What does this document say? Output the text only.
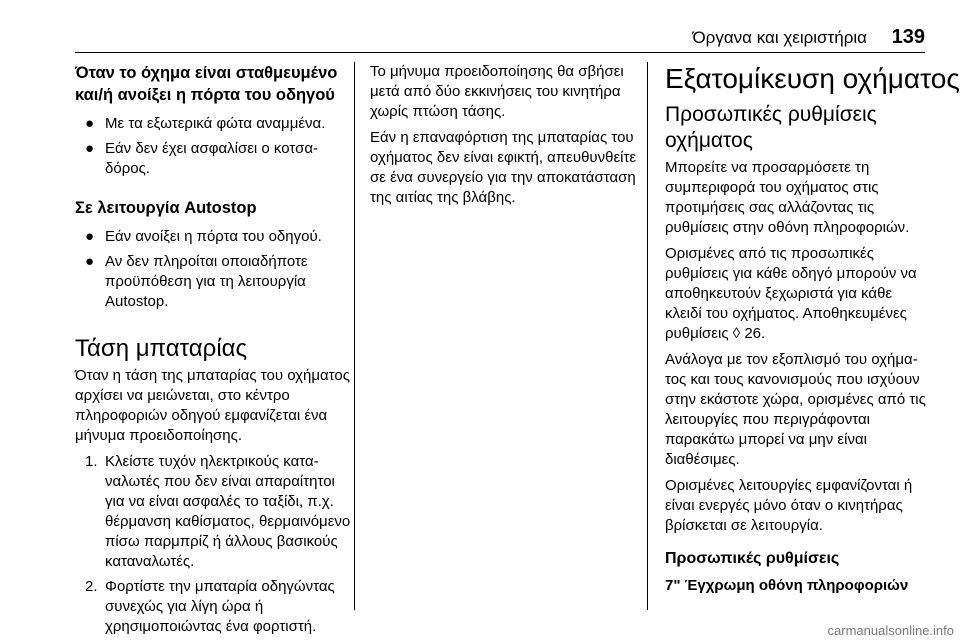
Όργανα και χειριστήρια 139
Όταν το όχημα είναι σταθμευμένο και/ή ανοίξει η πόρτα του οδηγού
● Με τα εξωτερικά φώτα αναμμένα.
● Εάν δεν έχει ασφαλίσει ο κοτσαδόρος.
Σε λειτουργία Autostop
● Εάν ανοίξει η πόρτα του οδηγού.
● Αν δεν πληροίται οποιαδήποτε προϋπόθεση για τη λειτουργία Autostop.
Τάση μπαταρίας

Όταν η τάση της μπαταρίας του οχήματος αρχίσει να μειώνεται, στο κέντρο πληροφοριών οδηγού εμφανίζεται ένα μήνυμα προειδοποίησης.

1. Κλείστε τυχόν ηλεκτρικούς καταναλωτές που δεν είναι απαραίτητοι για να είναι ασφαλές το ταξίδι, π.χ. θέρμανση καθίσματος, θερμαινόμενο πίσω παρμπρίζ ή άλλους βασικούς καταναλωτές.
2. Φορτίστε την μπαταρία οδηγώντας συνεχώς για λίγη ώρα ή χρησιμοποιώντας ένα φορτιστή.

Το μήνυμα προειδοποίησης θα σβήσει μετά από δύο εκκινήσεις του κινητήρα χωρίς πτώση τάσης.

Εάν η επαναφόρτιση της μπαταρίας του οχήματος δεν είναι εφικτή, απευθυνθείτε σε ένα συνεργείο για την αποκατάσταση της αιτίας της βλάβης.

Εξατομίκευση οχήματος
Προσωπικές ρυθμίσεις οχήματος

Μπορείτε να προσαρμόσετε τη συμπεριφορά του οχήματος στις προτιμήσεις σας αλλάζοντας τις ρυθμίσεις στην οθόνη πληροφοριών.

Ορισμένες από τις προσωπικές ρυθμίσεις για κάθε οδηγό μπορούν να αποθηκευτούν ξεχωριστά για κάθε κλειδί του οχήματος. Αποθηκευμένες ρυθμίσεις ◊ 26.

Ανάλογα με τον εξοπλισμό του οχήματος και τους κανονισμούς που ισχύουν στην εκάστοτε χώρα, ορισμένες από τις λειτουργίες που περιγράφονται παρακάτω μπορεί να μην είναι διαθέσιμες.

Ορισμένες λειτουργίες εμφανίζονται ή είναι ενεργές μόνο όταν ο κινητήρας βρίσκεται σε λειτουργία.

Προσωπικές ρυθμίσεις
7" Έγχρωμη οθόνη πληροφοριών
carmanualsonline.info
